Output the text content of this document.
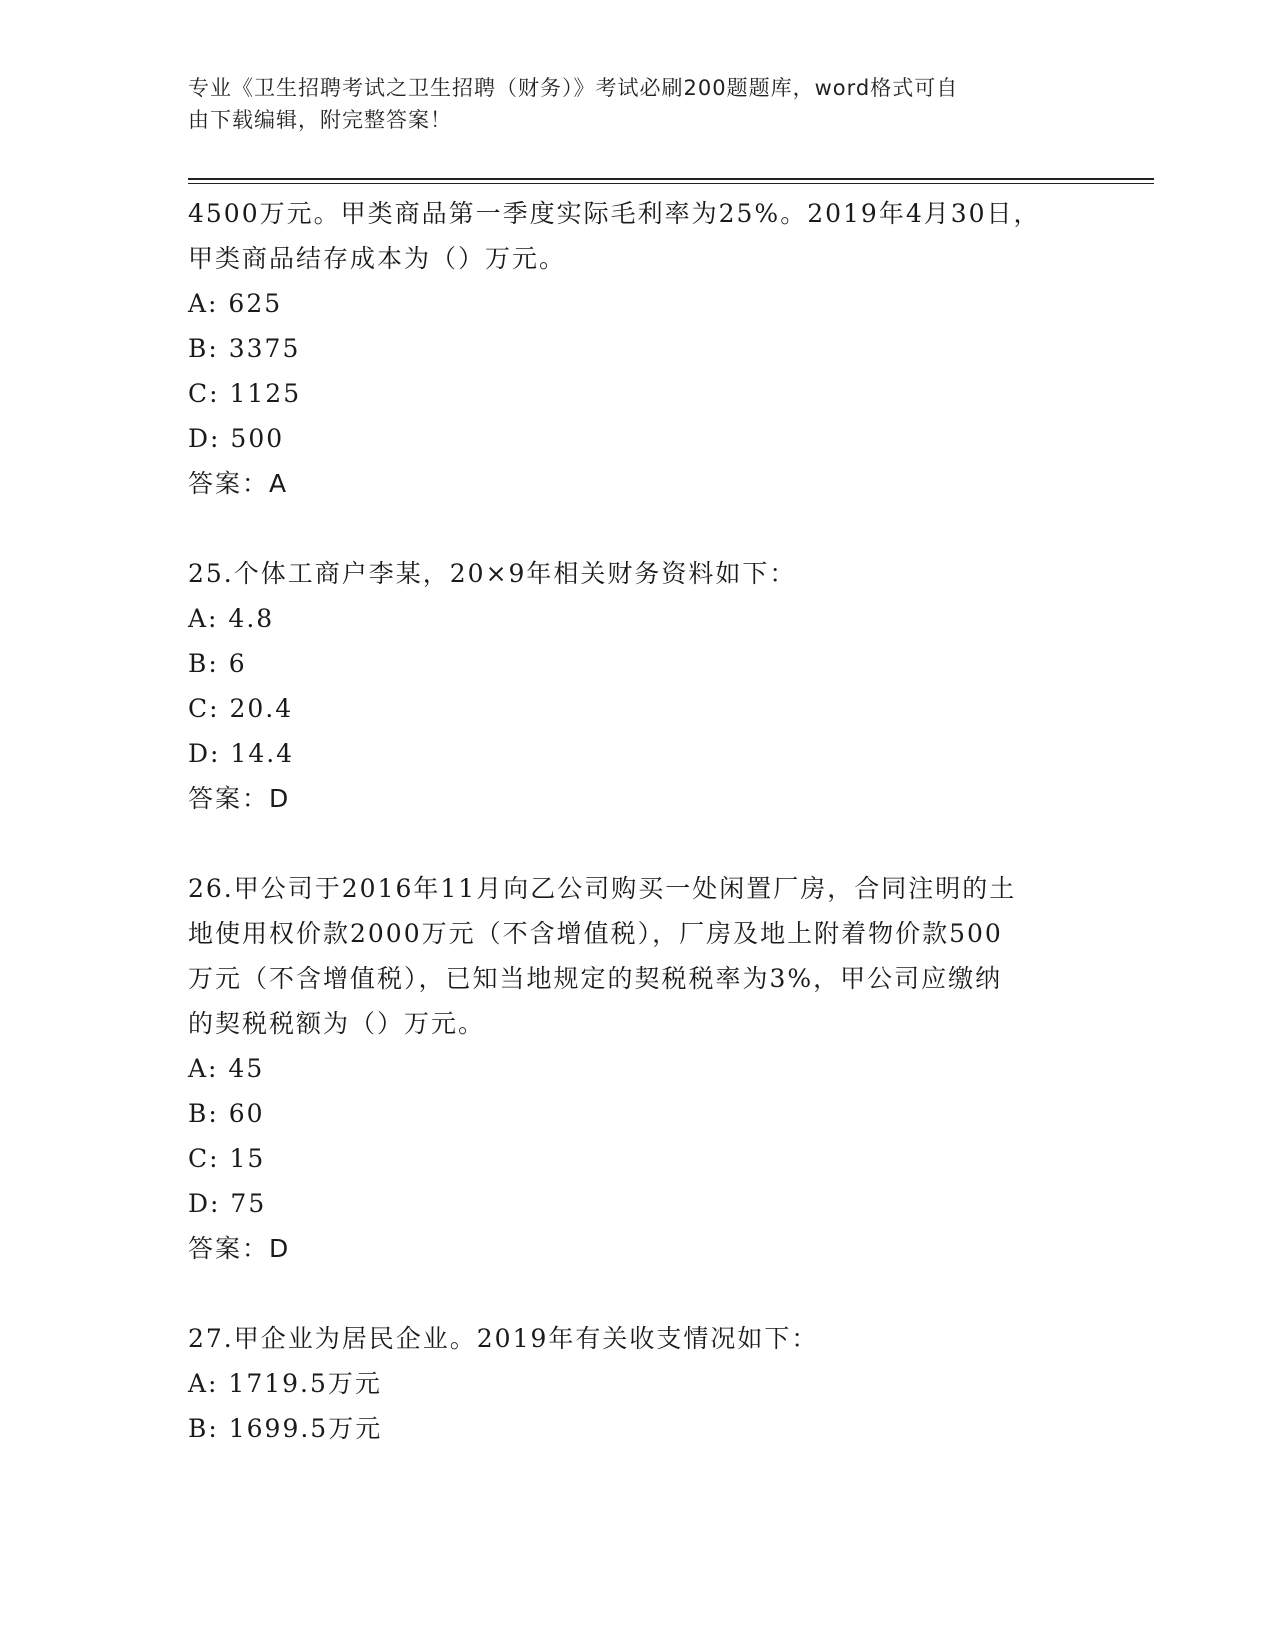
专业《卫生招聘考试之卫生招聘（财务）》考试必刷200题题库，word格式可自
由下载编辑，附完整答案！

4500万元。甲类商品第一季度实际毛利率为25%。2019年4月30日，

甲类商品结存成本为（）万元。

A: 625

B: 3375

C: 1125

D: 500

答案：A

25.个体工商户李某，20×9年相关财务资料如下：

A: 4.8

B: 6

C: 20.4

D: 14.4

答案：D

26.甲公司于2016年11月向乙公司购买一处闲置厂房，合同注明的土

地使用权价款2000万元（不含增值税），厂房及地上附着物价款500

万元（不含增值税），已知当地规定的契税税率为3%，甲公司应缴纳

的契税税额为（）万元。

A: 45

B: 60

C: 15

D: 75

答案：D

27.甲企业为居民企业。2019年有关收支情况如下：

A: 1719.5万元

B: 1699.5万元
